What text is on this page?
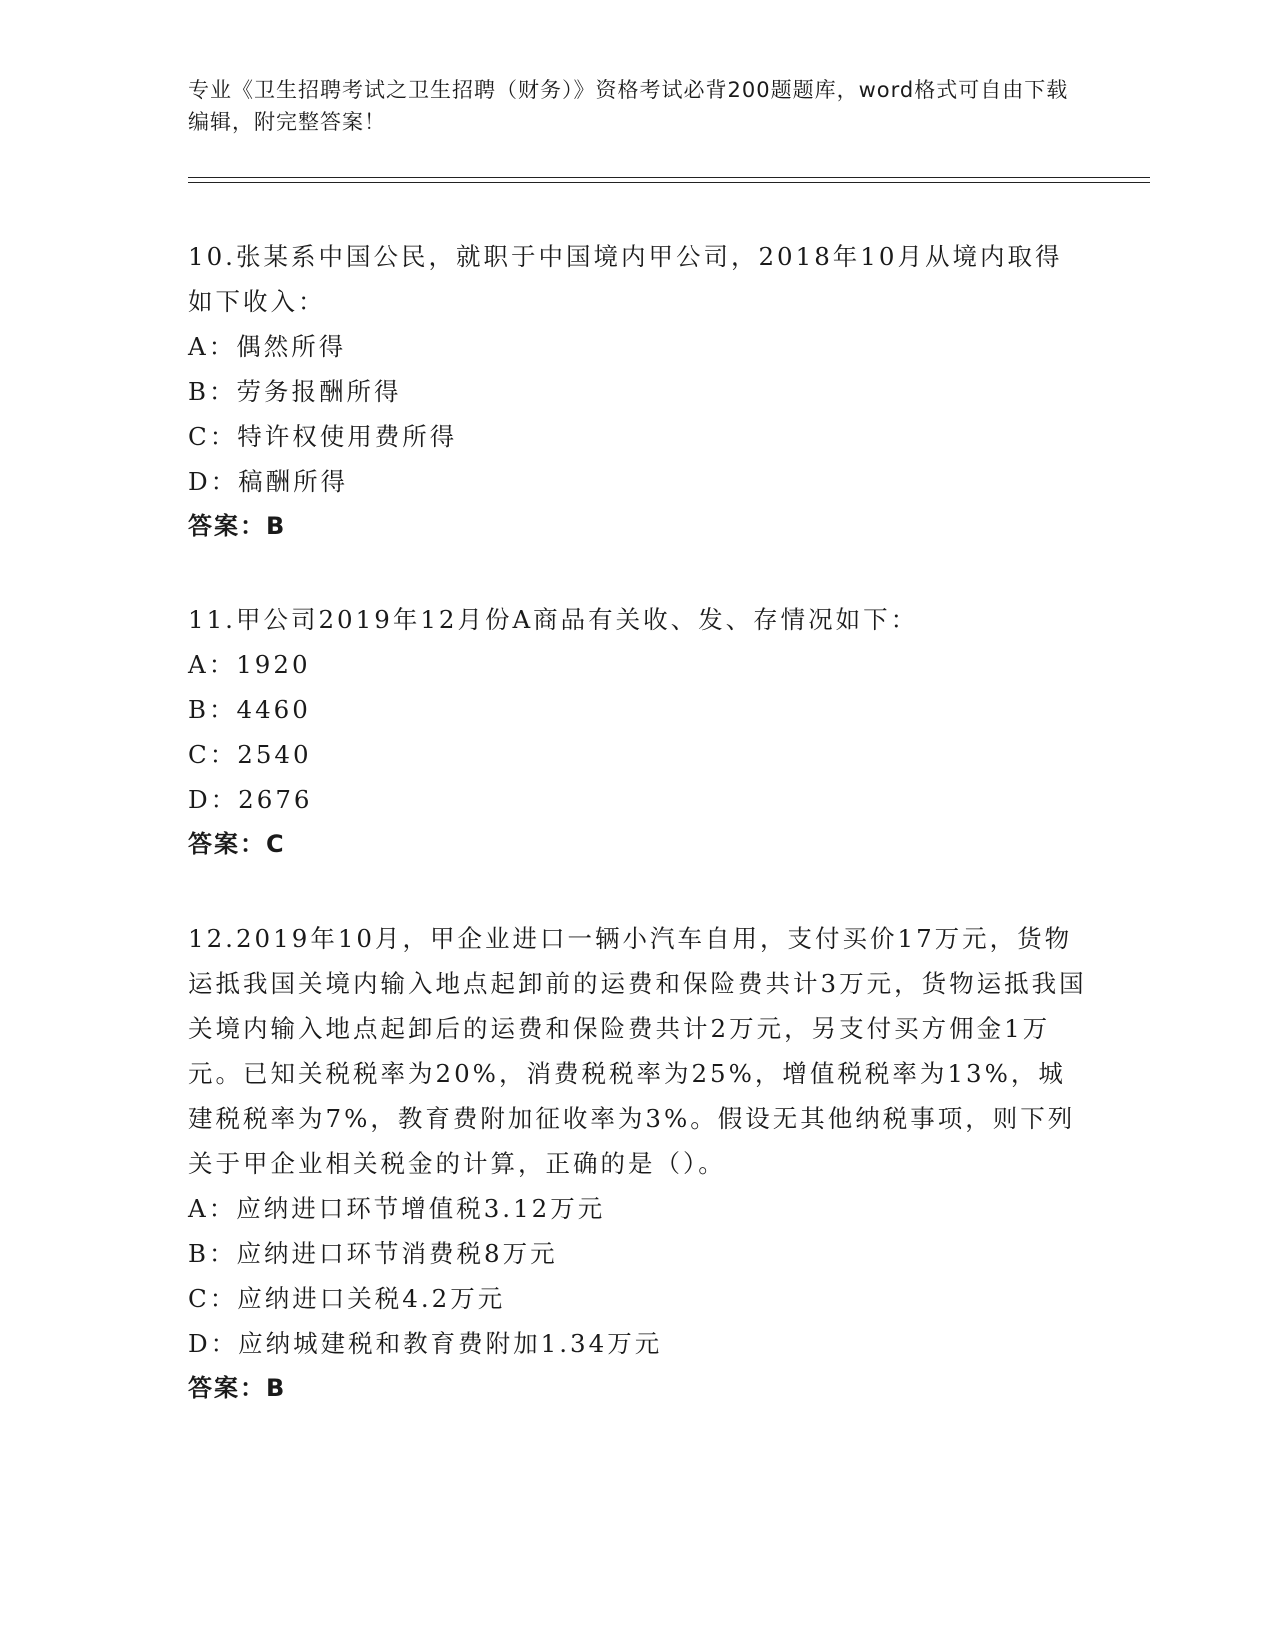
专业《卫生招聘考试之卫生招聘（财务）》资格考试必背200题题库，word格式可自由下载编辑，附完整答案！

10.张某系中国公民，就职于中国境内甲公司，2018年10月从境内取得如下收入：

A：偶然所得

B：劳务报酬所得

C：特许权使用费所得

D：稿酬所得

答案：B

11.甲公司2019年12月份A商品有关收、发、存情况如下：

A：1920

B：4460

C：2540

D：2676

答案：C

12.2019年10月，甲企业进口一辆小汽车自用，支付买价17万元，货物运抵我国关境内输入地点起卸前的运费和保险费共计3万元，货物运抵我国关境内输入地点起卸后的运费和保险费共计2万元，另支付买方佣金1万元。已知关税税率为20%，消费税税率为25%，增值税税率为13%，城建税税率为7%，教育费附加征收率为3%。假设无其他纳税事项，则下列关于甲企业相关税金的计算，正确的是（）。

A：应纳进口环节增值税3.12万元

B：应纳进口环节消费税8万元

C：应纳进口关税4.2万元

D：应纳城建税和教育费附加1.34万元

答案：B
